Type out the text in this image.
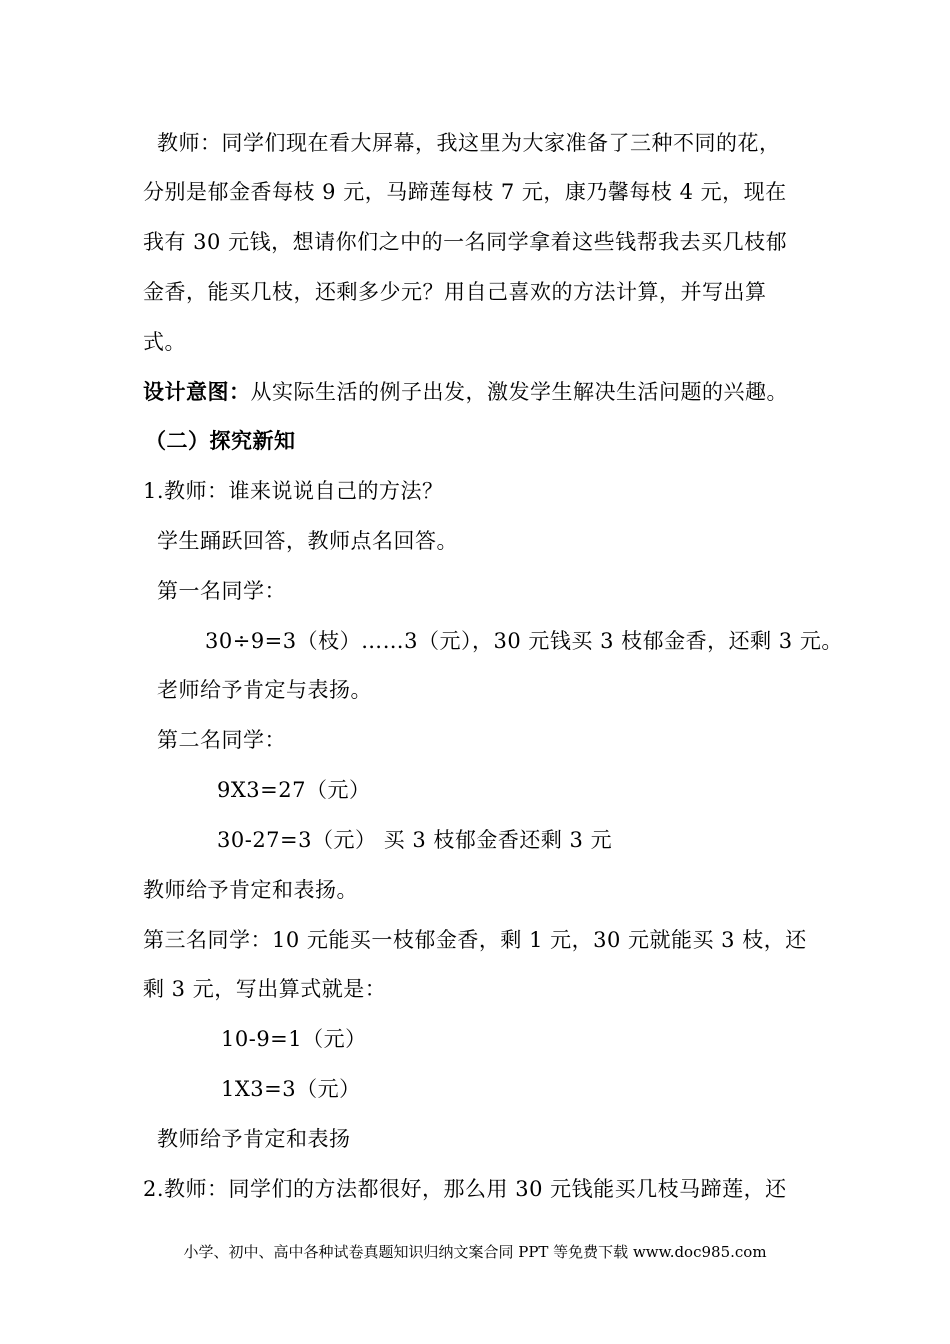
教师：同学们现在看大屏幕，我这里为大家准备了三种不同的花，
分别是郁金香每枝 9 元，马蹄莲每枝 7 元，康乃馨每枝 4 元，现在
我有 30 元钱，想请你们之中的一名同学拿着这些钱帮我去买几枝郁
金香，能买几枝，还剩多少元？用自己喜欢的方法计算，并写出算
式。
设计意图：从实际生活的例子出发，激发学生解决生活问题的兴趣。
（二）探究新知
1.教师：谁来说说自己的方法？
学生踊跃回答，教师点名回答。
第一名同学：
30÷9=3（枝）……3（元），30 元钱买 3 枝郁金香，还剩 3 元。
老师给予肯定与表扬。
第二名同学：
9X3=27（元）
30-27=3（元） 买 3 枝郁金香还剩 3 元
教师给予肯定和表扬。
第三名同学：10 元能买一枝郁金香，剩 1 元，30 元就能买 3 枝，还
剩 3 元，写出算式就是：
10-9=1（元）
1X3=3（元）
教师给予肯定和表扬
2.教师：同学们的方法都很好，那么用 30 元钱能买几枝马蹄莲，还
小学、初中、高中各种试卷真题知识归纳文案合同 PPT 等免费下载 www.doc985.com
